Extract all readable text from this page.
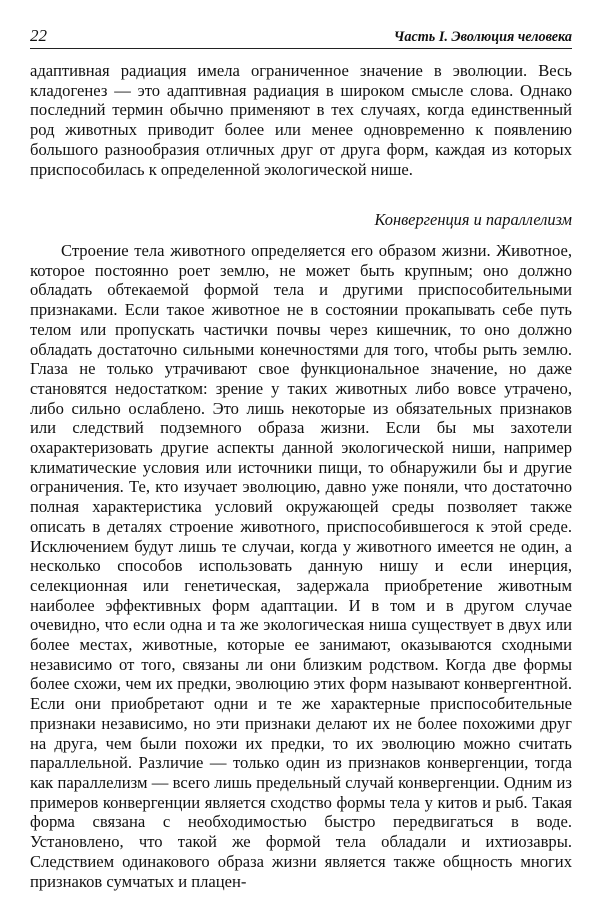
22	Часть I. Эволюция человека
адаптивная радиация имела ограниченное значение в эволюции. Весь кладогенез — это адаптивная радиация в широком смысле слова. Однако последний термин обычно применяют в тех случаях, когда единственный род животных приводит более или менее одновременно к появлению большого разнообразия отличных друг от друга форм, каждая из которых приспособилась к определенной экологической нише.
Конвергенция и параллелизм
Строение тела животного определяется его образом жизни. Животное, которое постоянно роет землю, не может быть крупным; оно должно обладать обтекаемой формой тела и другими приспособительными признаками. Если такое животное не в состоянии прокапывать себе путь телом или пропускать частички почвы через кишечник, то оно должно обладать достаточно сильными конечностями для того, чтобы рыть землю. Глаза не только утрачивают свое функциональное значение, но даже становятся недостатком: зрение у таких животных либо вовсе утрачено, либо сильно ослаблено. Это лишь некоторые из обязательных признаков или следствий подземного образа жизни. Если бы мы захотели охарактеризовать другие аспекты данной экологической ниши, например климатические условия или источники пищи, то обнаружили бы и другие ограничения. Те, кто изучает эволюцию, давно уже поняли, что достаточно полная характеристика условий окружающей среды позволяет также описать в деталях строение животного, приспособившегося к этой среде. Исключением будут лишь те случаи, когда у животного имеется не один, а несколько способов использовать данную нишу и если инерция, селекционная или генетическая, задержала приобретение животным наиболее эффективных форм адаптации. И в том и в другом случае очевидно, что если одна и та же экологическая ниша существует в двух или более местах, животные, которые ее занимают, оказываются сходными независимо от того, связаны ли они близким родством. Когда две формы более схожи, чем их предки, эволюцию этих форм называют конвергентной. Если они приобретают одни и те же характерные приспособительные признаки независимо, но эти признаки делают их не более похожими друг на друга, чем были похожи их предки, то их эволюцию можно считать параллельной. Различие — только один из признаков конвергенции, тогда как параллелизм — всего лишь предельный случай конвергенции. Одним из примеров конвергенции является сходство формы тела у китов и рыб. Такая форма связана с необходимостью быстро передвигаться в воде. Установлено, что такой же формой тела обладали и ихтиозавры. Следствием одинакового образа жизни является также общность многих признаков сумчатых и плацен-
